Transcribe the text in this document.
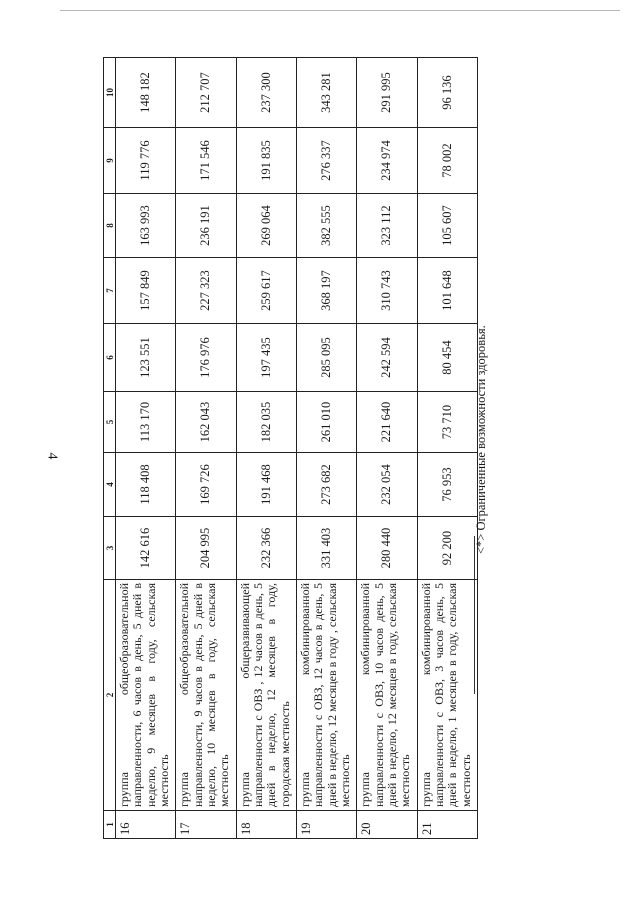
4
1	2	3	4	5	6	7	8	9	10
16	группа общеобразовательной направленности, 6 часов в день, 5 дней в неделю, 9 месяцев в году, сельская местность	142 616	118 408	113 170	123 551	157 849	163 993	119 776	148 182
17	группа общеобразовательной направленности, 9 часов в день, 5 дней в неделю, 10 месяцев в году, сельская местность	204 995	169 726	162 043	176 976	227 323	236 191	171 546	212 707
18	группа общеразвивающей направленности с ОВЗ , 12 часов в день, 5 дней в неделю, 12 месяцев в году, городская местность	232 366	191 468	182 035	197 435	259 617	269 064	191 835	237 300
19	группа комбинированной направленности с ОВЗ, 12 часов в день, 5 дней в неделю, 12 месяцев в году , сельская местность	331 403	273 682	261 010	285 095	368 197	382 555	276 337	343 281
20	группа комбинированной направленности с ОВЗ, 10 часов день, 5 дней в неделю, 12 месяцев в году, сельская местность	280 440	232 054	221 640	242 594	310 743	323 112	234 974	291 995
21	группа комбинированной направленности с ОВЗ, 3 часов день, 5 дней в неделю, 1 месяцев в году, сельская местность	92 200	76 953	73 710	80 454	101 648	105 607	78 002	96 136
<*> Ограниченные возможности здоровья.
